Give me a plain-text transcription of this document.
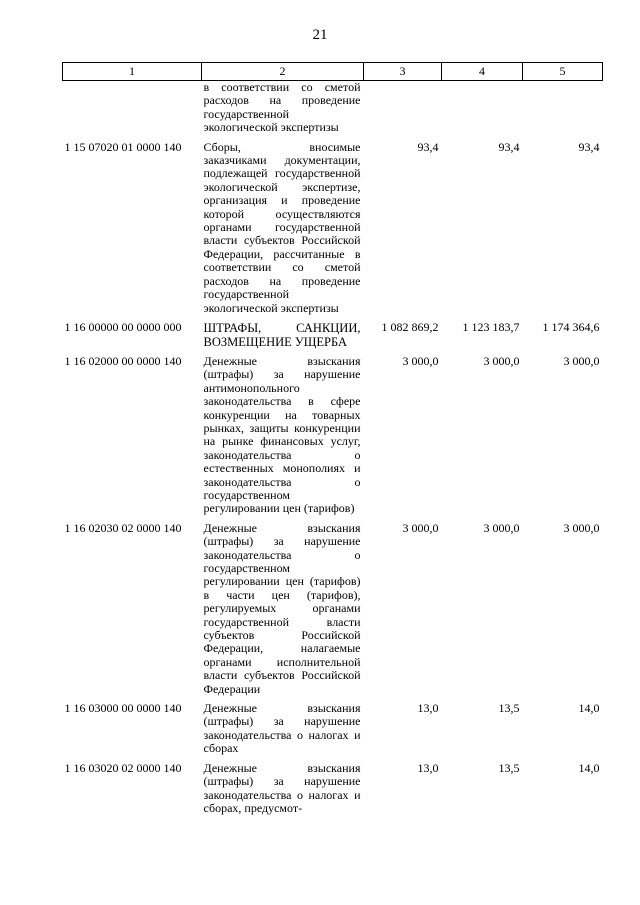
21
1	2	3	4	5
	в соответствии со сметой расходов на проведение государственной экологической экспертизы			
1 15 07020 01 0000 140	Сборы, вносимые заказчиками документации, подлежащей государственной экологической экспертизе, организация и проведение которой осуществляются органами государственной власти субъектов Российской Федерации, рассчитанные в соответствии со сметой расходов на проведение государственной экологической экспертизы	93,4	93,4	93,4
1 16 00000 00 0000 000	ШТРАФЫ, САНКЦИИ, ВОЗМЕЩЕНИЕ УЩЕРБА	1 082 869,2	1 123 183,7	1 174 364,6
1 16 02000 00 0000 140	Денежные взыскания (штрафы) за нарушение антимонопольного законодательства в сфере конкуренции на товарных рынках, защиты конкуренции на рынке финансовых услуг, законодательства о естественных монополиях и законодательства о государственном регулировании цен (тарифов)	3 000,0	3 000,0	3 000,0
1 16 02030 02 0000 140	Денежные взыскания (штрафы) за нарушение законодательства о государственном регулировании цен (тарифов) в части цен (тарифов), регулируемых органами государственной власти субъектов Российской Федерации, налагаемые органами исполнительной власти субъектов Российской Федерации	3 000,0	3 000,0	3 000,0
1 16 03000 00 0000 140	Денежные взыскания (штрафы) за нарушение законодательства о налогах и сборах	13,0	13,5	14,0
1 16 03020 02 0000 140	Денежные взыскания (штрафы) за нарушение законодательства о налогах и сборах, предусмот-	13,0	13,5	14,0
